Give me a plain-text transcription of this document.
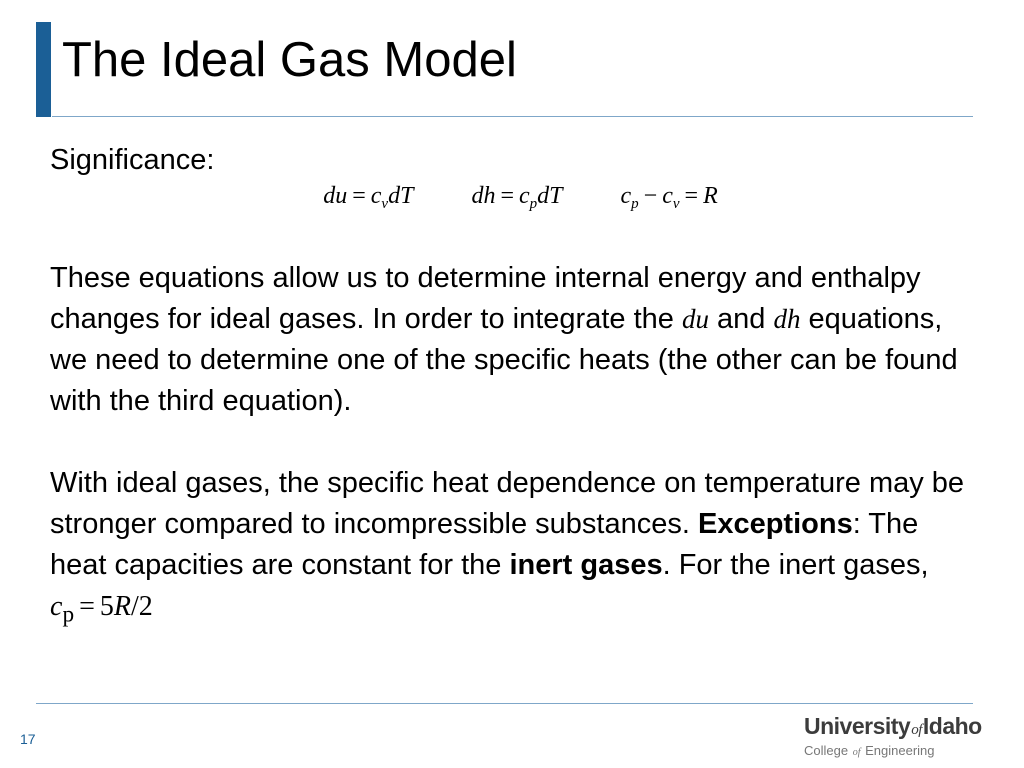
The Ideal Gas Model

Significance:

du = $c_vdT$ dh = $c_pdT$ $c_p - c_v = R$

These equations allow us to determine internal energy and enthalpy changes for ideal gases. In order to integrate the du and dh equations, we need to determine one of the specific heats (the other can be found with the third equation).

With ideal gases, the specific heat dependence on temperature may be stronger compared to incompressible substances. Exceptions: The heat capacities are constant for the inert gases. For the inert gases, $c_p = 5R/2$

17	UniversityofIdaho
College of Engineering
